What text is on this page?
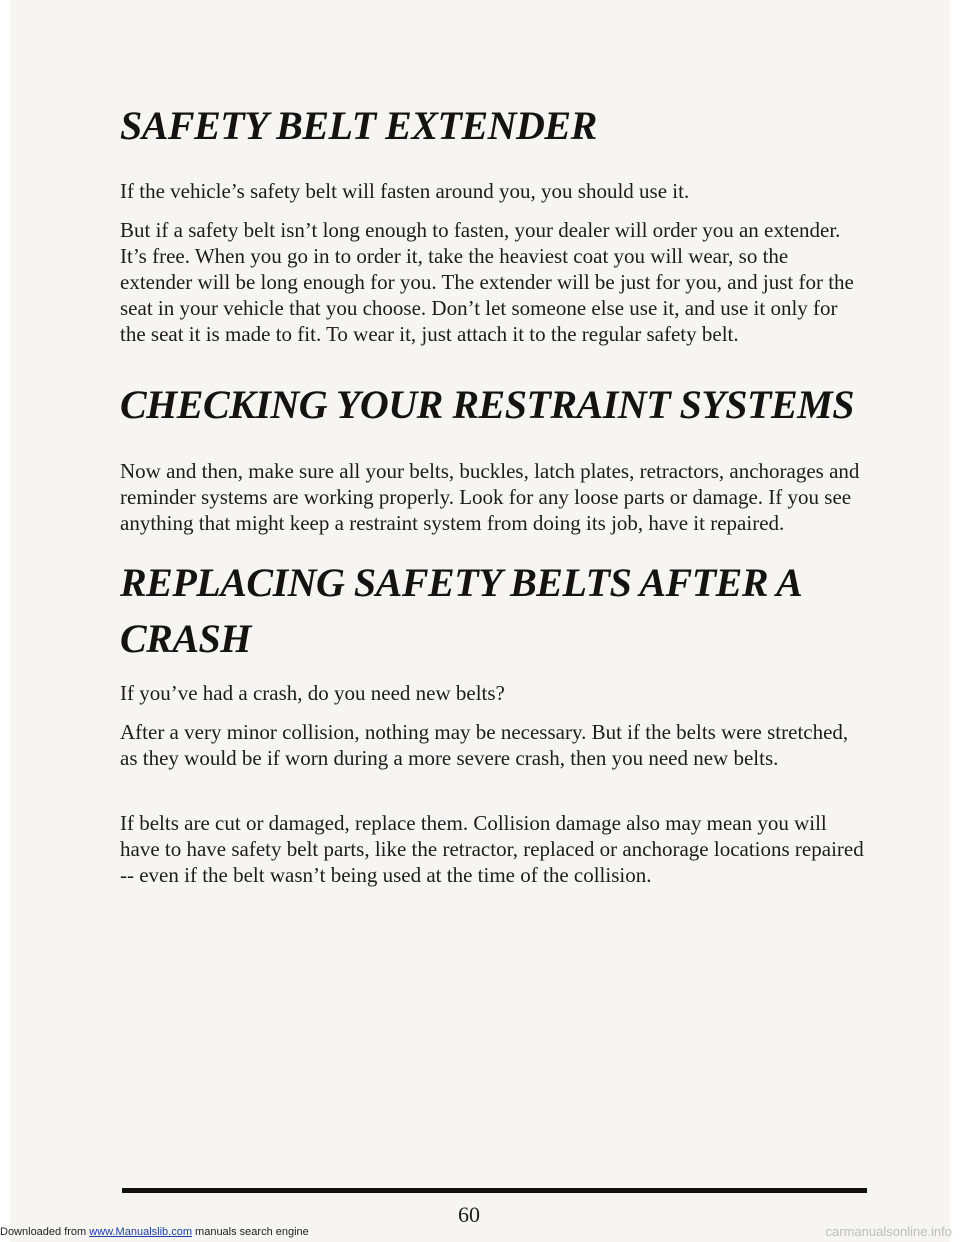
SAFETY BELT EXTENDER

If the vehicle’s safety belt will fasten around you, you should use it.

But if a safety belt isn’t long enough to fasten, your dealer will order you an extender. It’s free. When you go in to order it, take the heaviest coat you will wear, so the extender will be long enough for you. The extender will be just for you, and just for the seat in your vehicle that you choose. Don’t let someone else use it, and use it only for the seat it is made to fit. To wear it, just attach it to the regular safety belt.

CHECKING YOUR RESTRAINT SYSTEMS

Now and then, make sure all your belts, buckles, latch plates, retractors, anchorages and reminder systems are working properly. Look for any loose parts or damage. If you see anything that might keep a restraint system from doing its job, have it repaired.

REPLACING SAFETY BELTS AFTER A CRASH

If you’ve had a crash, do you need new belts?

After a very minor collision, nothing may be necessary. But if the belts were stretched, as they would be if worn during a more severe crash, then you need new belts.

If belts are cut or damaged, replace them. Collision damage also may mean you will have to have safety belt parts, like the retractor, replaced or anchorage locations repaired -- even if the belt wasn’t being used at the time of the collision.

60
Downloaded from www.Manualslib.com manuals search engine	carmanualsonline.info
